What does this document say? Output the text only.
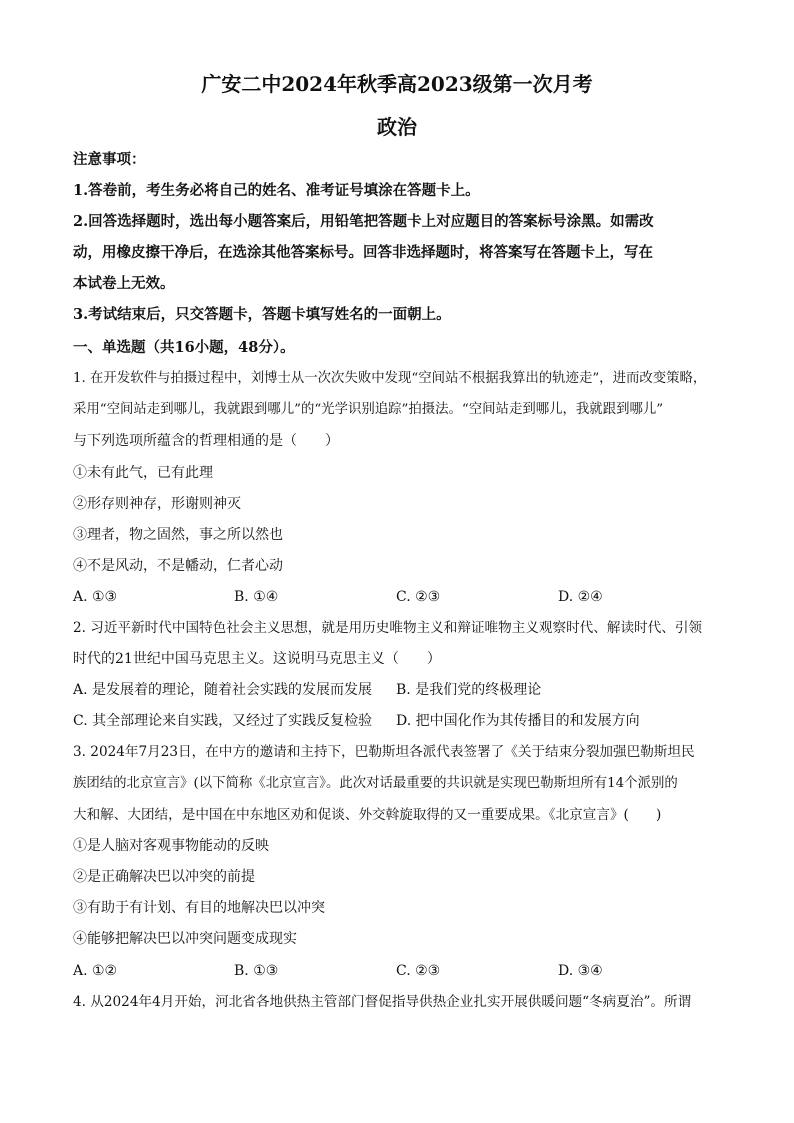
广安二中2024年秋季高2023级第一次月考
政治
注意事项：
1.答卷前，考生务必将自己的姓名、准考证号填涂在答题卡上。
2.回答选择题时，选出每小题答案后，用铅笔把答题卡上对应题目的答案标号涂黑。如需改
动，用橡皮擦干净后，在选涂其他答案标号。回答非选择题时，将答案写在答题卡上，写在
本试卷上无效。
3.考试结束后，只交答题卡，答题卡填写姓名的一面朝上。
一、单选题（共16小题，48分）。
1. 在开发软件与拍摄过程中，刘博士从一次次失败中发现“空间站不根据我算出的轨迹走”，进而改变策略，
采用“空间站走到哪儿，我就跟到哪儿”的“光学识别追踪”拍摄法。“空间站走到哪儿，我就跟到哪儿”
与下列选项所蕴含的哲理相通的是（　　）
①未有此气，已有此理
②形存则神存，形谢则神灭
③理者，物之固然，事之所以然也
④不是风动，不是幡动，仁者心动
A. ①③	B. ①④	C. ②③	D. ②④
2. 习近平新时代中国特色社会主义思想，就是用历史唯物主义和辩证唯物主义观察时代、解读时代、引领
时代的21世纪中国马克思主义。这说明马克思主义（　　）
A. 是发展着的理论，随着社会实践的发展而发展 B. 是我们党的终极理论
C. 其全部理论来自实践，又经过了实践反复检验 D. 把中国化作为其传播目的和发展方向
3. 2024年7月23日，在中方的邀请和主持下，巴勒斯坦各派代表签署了《关于结束分裂加强巴勒斯坦民
族团结的北京宣言》(以下简称《北京宣言》。此次对话最重要的共识就是实现巴勒斯坦所有14个派别的
大和解、大团结，是中国在中东地区劝和促谈、外交斡旋取得的又一重要成果。《北京宣言》(　　)
①是人脑对客观事物能动的反映
②是正确解决巴以冲突的前提
③有助于有计划、有目的地解决巴以冲突
④能够把解决巴以冲突问题变成现实
A. ①②	B. ①③	C. ②③	D. ③④
4. 从2024年4月开始，河北省各地供热主管部门督促指导供热企业扎实开展供暖问题“冬病夏治”。所谓
